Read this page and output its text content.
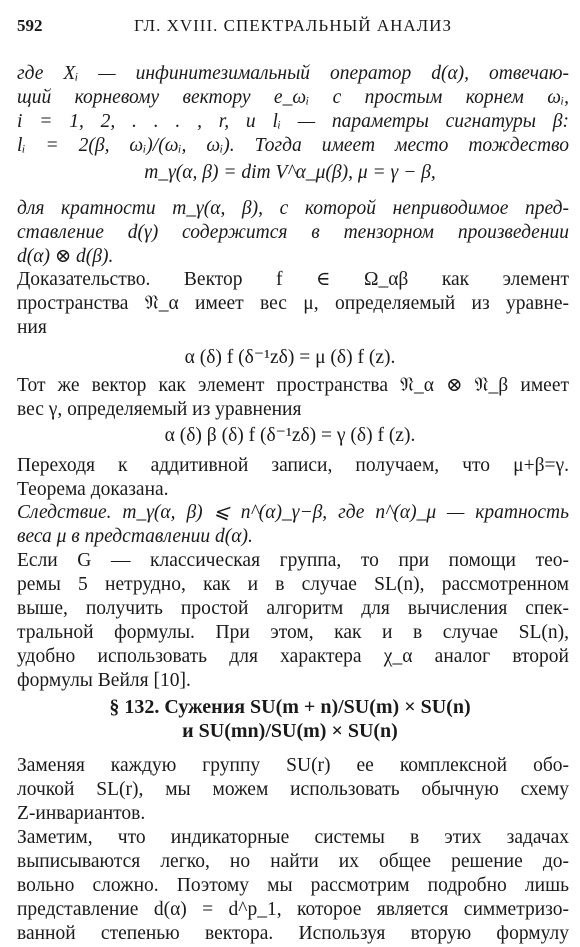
592	ГЛ. XVIII. СПЕКТРАЛЬНЫЙ АНАЛИЗ
где Xᵢ — инфинитезимальный оператор d(α), отвечаю-
щий корневому вектору e_ωᵢ с простым корнем ωᵢ,
i = 1, 2, . . . , r, и lᵢ — параметры сигнатуры β:
lᵢ = 2(β, ωᵢ)/(ωᵢ, ωᵢ). Тогда имеет место тождество
m_γ(α, β) = dim V^α_μ(β), μ = γ − β,
для кратности m_γ(α, β), с которой неприводимое пред-
ставление d(γ) содержится в тензорном произведении
d(α) ⊗ d(β).
Доказательство. Вектор f ∈ Ω_αβ как элемент
пространства 𝔑_α имеет вес μ, определяемый из уравне-
ния
α (δ) f (δ⁻¹zδ) = μ (δ) f (z).
Тот же вектор как элемент пространства 𝔑_α ⊗ 𝔑_β имеет
вес γ, определяемый из уравнения
α (δ) β (δ) f (δ⁻¹zδ) = γ (δ) f (z).
Переходя к аддитивной записи, получаем, что μ+β=γ.
Теорема доказана.
Следствие. m_γ(α, β) ⩽ n^(α)_γ−β, где n^(α)_μ — кратность
веса μ в представлении d(α).
Если G — классическая группа, то при помощи тео-
ремы 5 нетрудно, как и в случае SL(n), рассмотренном
выше, получить простой алгоритм для вычисления спек-
тральной формулы. При этом, как и в случае SL(n),
удобно использовать для характера χ_α аналог второй
формулы Вейля [10].
§ 132. Сужения SU(m + n)/SU(m) × SU(n)
и SU(mn)/SU(m) × SU(n)
Заменяя каждую группу SU(r) ее комплексной обо-
лочкой SL(r), мы можем использовать обычную схему
Z-инвариантов.
Заметим, что индикаторные системы в этих задачах
выписываются легко, но найти их общее решение до-
вольно сложно. Поэтому мы рассмотрим подробно лишь
представление d(α) = d^p_1, которое является симметризо-
ванной степенью вектора. Используя вторую формулу
